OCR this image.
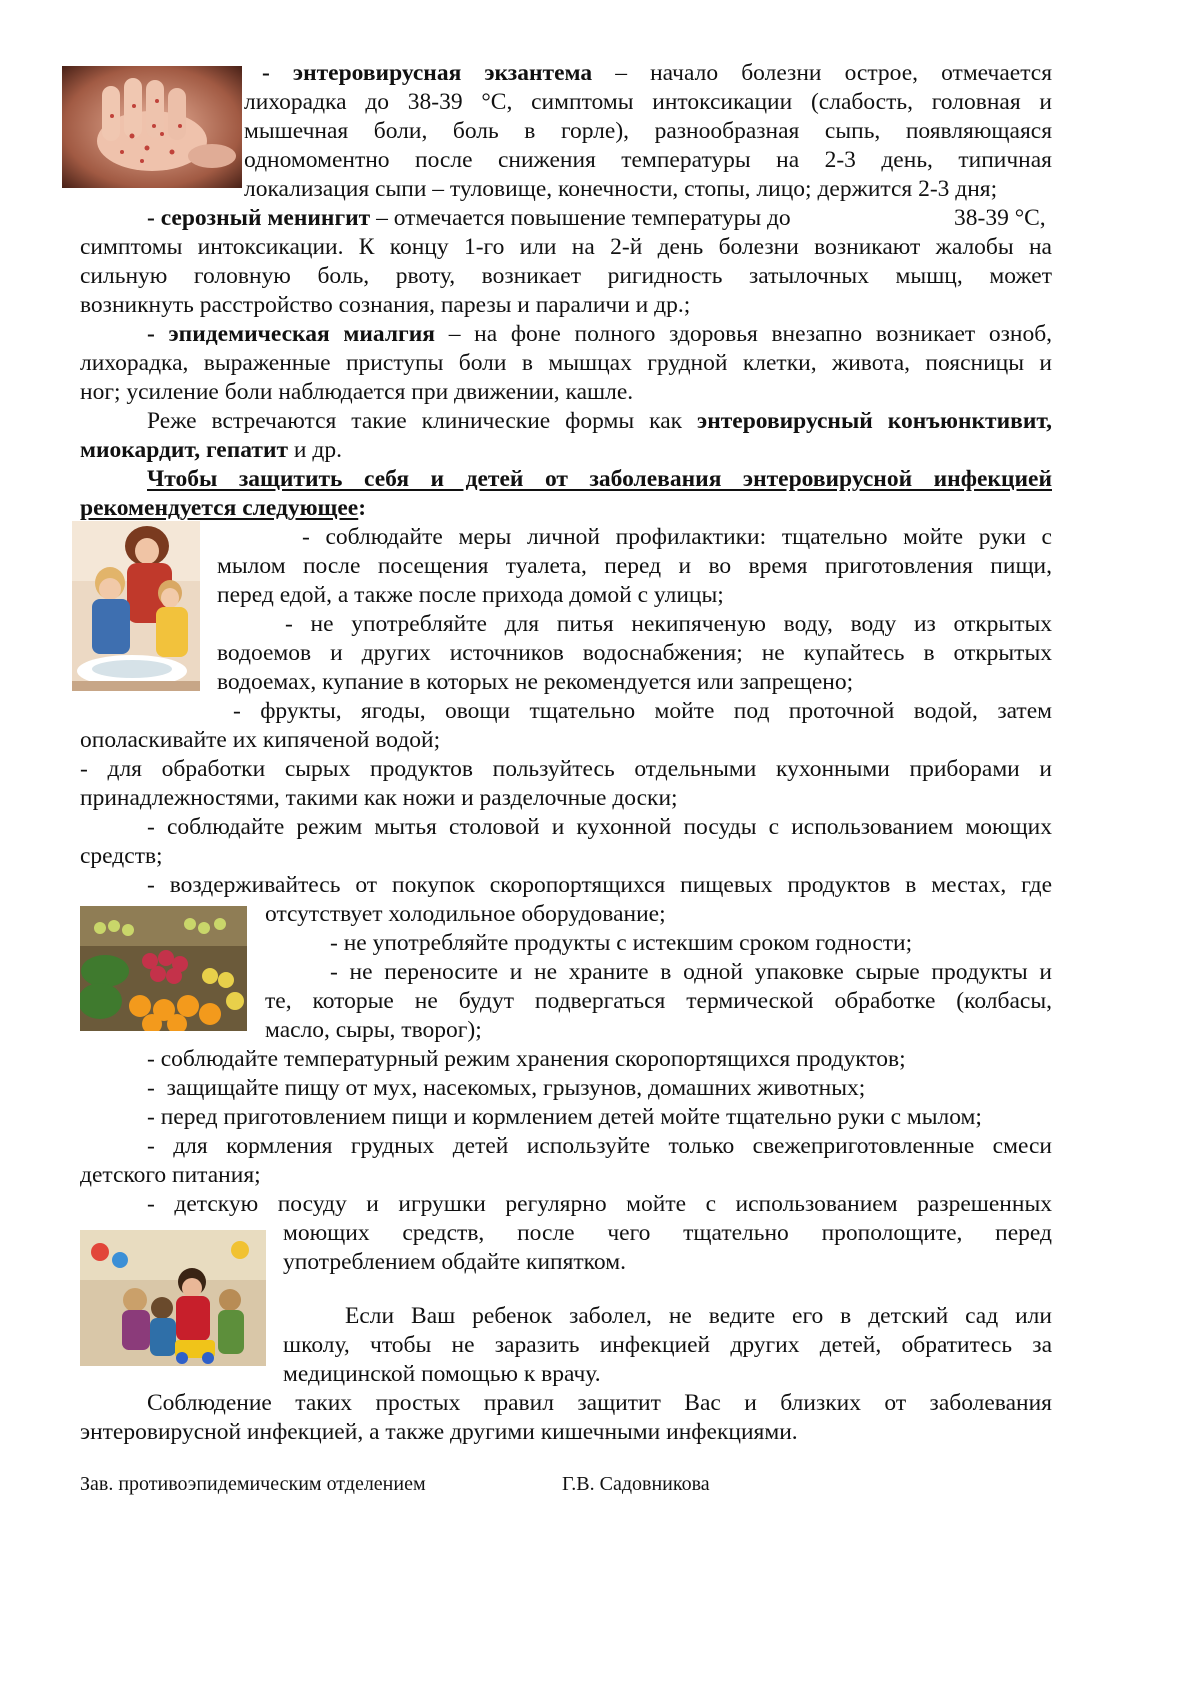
- энтеровирусная экзантема – начало болезни острое, отмечается
лихорадка до 38-39 °С, симптомы интоксикации (слабость, головная и
мышечная боли, боль в горле), разнообразная сыпь, появляющаяся
одномоментно после снижения температуры на 2-3 день, типичная
локализация сыпи – туловище, конечности, стопы, лицо; держится 2-3 дня;
- серозный менингит – отмечается повышение температуры до	38-39 °С,
симптомы интоксикации. К концу 1-го или на 2-й день болезни возникают жалобы на
сильную головную боль, рвоту, возникает ригидность затылочных мышц, может
возникнуть расстройство сознания, парезы и параличи и др.;
- эпидемическая миалгия – на фоне полного здоровья внезапно возникает озноб,
лихорадка, выраженные приступы боли в мышцах грудной клетки, живота, поясницы и
ног; усиление боли наблюдается при движении, кашле.
Реже встречаются такие клинические формы как энтеровирусный конъюнктивит,
миокардит, гепатит и др.
Чтобы защитить себя и детей от заболевания энтеровирусной инфекцией
рекомендуется следующее:
- соблюдайте меры личной профилактики: тщательно мойте руки с
мылом после посещения туалета, перед и во время приготовления пищи,
перед едой, а также после прихода домой с улицы;
- не употребляйте для питья некипяченую воду, воду из открытых
водоемов и других источников водоснабжения; не купайтесь в открытых
водоемах, купание в которых не рекомендуется или запрещено;
- фрукты, ягоды, овощи тщательно мойте под проточной водой, затем
ополаскивайте их кипяченой водой;
- для обработки сырых продуктов пользуйтесь отдельными кухонными приборами и
принадлежностями, такими как ножи и разделочные доски;
- соблюдайте режим мытья столовой и кухонной посуды с использованием моющих
средств;
- воздерживайтесь от покупок скоропортящихся пищевых продуктов в местах, где
отсутствует холодильное оборудование;
- не употребляйте продукты с истекшим сроком годности;
- не переносите и не храните в одной упаковке сырые продукты и
те, которые не будут подвергаться термической обработке (колбасы,
масло, сыры, творог);
- соблюдайте температурный режим хранения скоропортящихся продуктов;
-  защищайте пищу от мух, насекомых, грызунов, домашних животных;
- перед приготовлением пищи и кормлением детей мойте тщательно руки с мылом;
- для кормления грудных детей используйте только свежеприготовленные смеси
детского питания;
- детскую посуду и игрушки регулярно мойте с использованием разрешенных
моющих средств, после чего тщательно прополощите, перед
употреблением обдайте кипятком.
Если Ваш ребенок заболел, не ведите его в детский сад или
школу, чтобы не заразить инфекцией других детей, обратитесь за
медицинской помощью к врачу.
Соблюдение таких простых правил защитит Вас и близких от заболевания
энтеровирусной инфекцией, а также другими кишечными инфекциями.
Зав. противоэпидемическим отделением	Г.В. Садовникова
